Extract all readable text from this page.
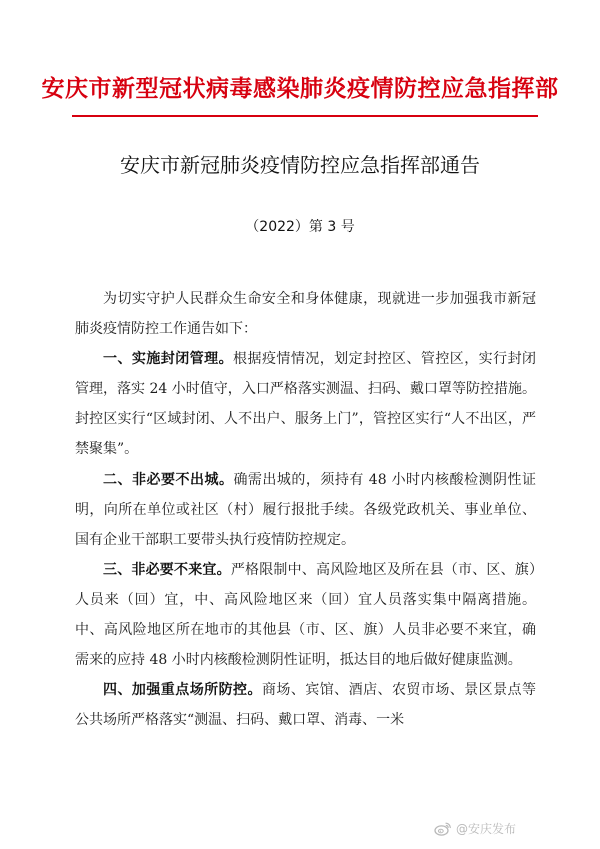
安庆市新型冠状病毒感染肺炎疫情防控应急指挥部
安庆市新冠肺炎疫情防控应急指挥部通告
（2022）第 3 号

为切实守护人民群众生命安全和身体健康，现就进一步加强我市新冠肺炎疫情防控工作通告如下：

一、实施封闭管理。根据疫情情况，划定封控区、管控区，实行封闭管理，落实 24 小时值守，入口严格落实测温、扫码、戴口罩等防控措施。封控区实行“区域封闭、人不出户、服务上门”，管控区实行“人不出区，严禁聚集”。

二、非必要不出城。确需出城的，须持有 48 小时内核酸检测阴性证明，向所在单位或社区（村）履行报批手续。各级党政机关、事业单位、国有企业干部职工要带头执行疫情防控规定。

三、非必要不来宜。严格限制中、高风险地区及所在县（市、区、旗）人员来（回）宜，中、高风险地区来（回）宜人员落实集中隔离措施。中、高风险地区所在地市的其他县（市、区、旗）人员非必要不来宜，确需来的应持 48 小时内核酸检测阴性证明，抵达目的地后做好健康监测。

四、加强重点场所防控。商场、宾馆、酒店、农贸市场、景区景点等公共场所严格落实“测温、扫码、戴口罩、消毒、一米

@安庆发布
